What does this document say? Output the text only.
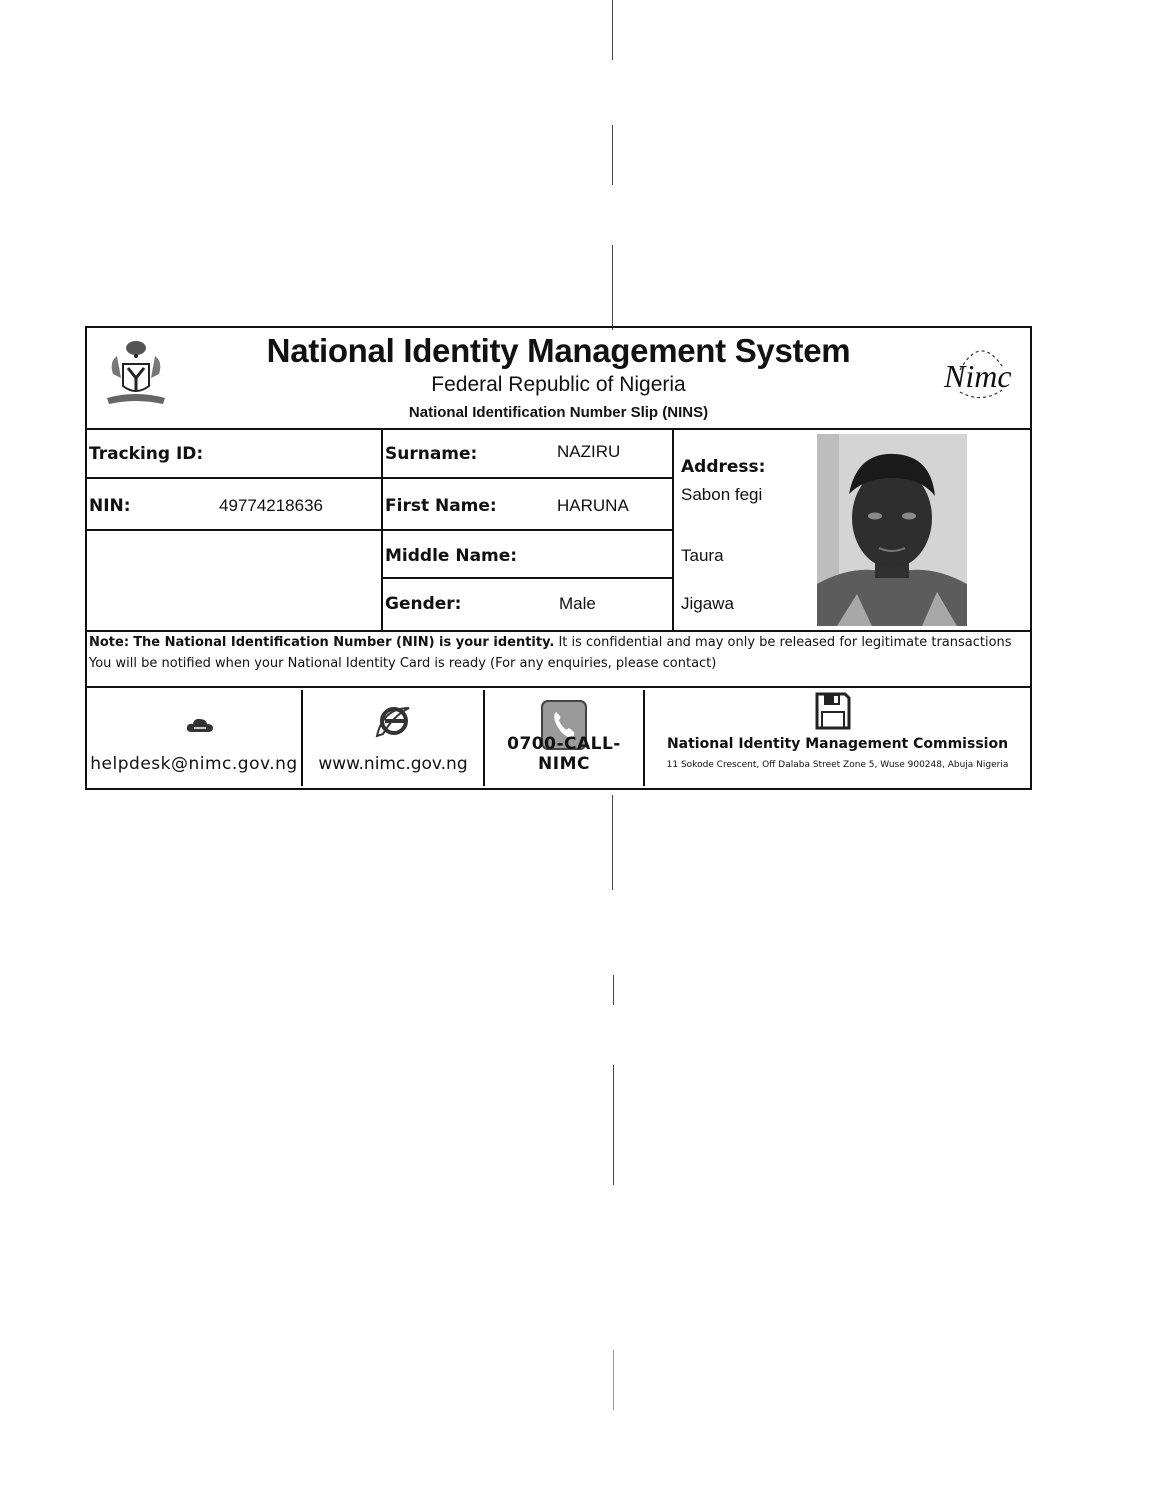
National Identity Management System
Federal Republic of Nigeria
National Identification Number Slip (NINS)
Nimc
Tracking ID:
NIN:	49774218636
Surname:	NAZIRU
First Name:	HARUNA
Middle Name:
Gender:	Male
Address:
Sabon fegi
Taura
Jigawa

Note: The National Identification Number (NIN) is your identity. It is confidential and may only be released for legitimate transactions

You will be notified when your National Identity Card is ready (For any enquiries, please contact)

helpdesk@nimc.gov.ng	www.nimc.gov.ng
0700-CALL-NIMC
National Identity Management Commission
11 Sokode Crescent, Off Dalaba Street Zone 5, Wuse 900248, Abuja Nigeria
